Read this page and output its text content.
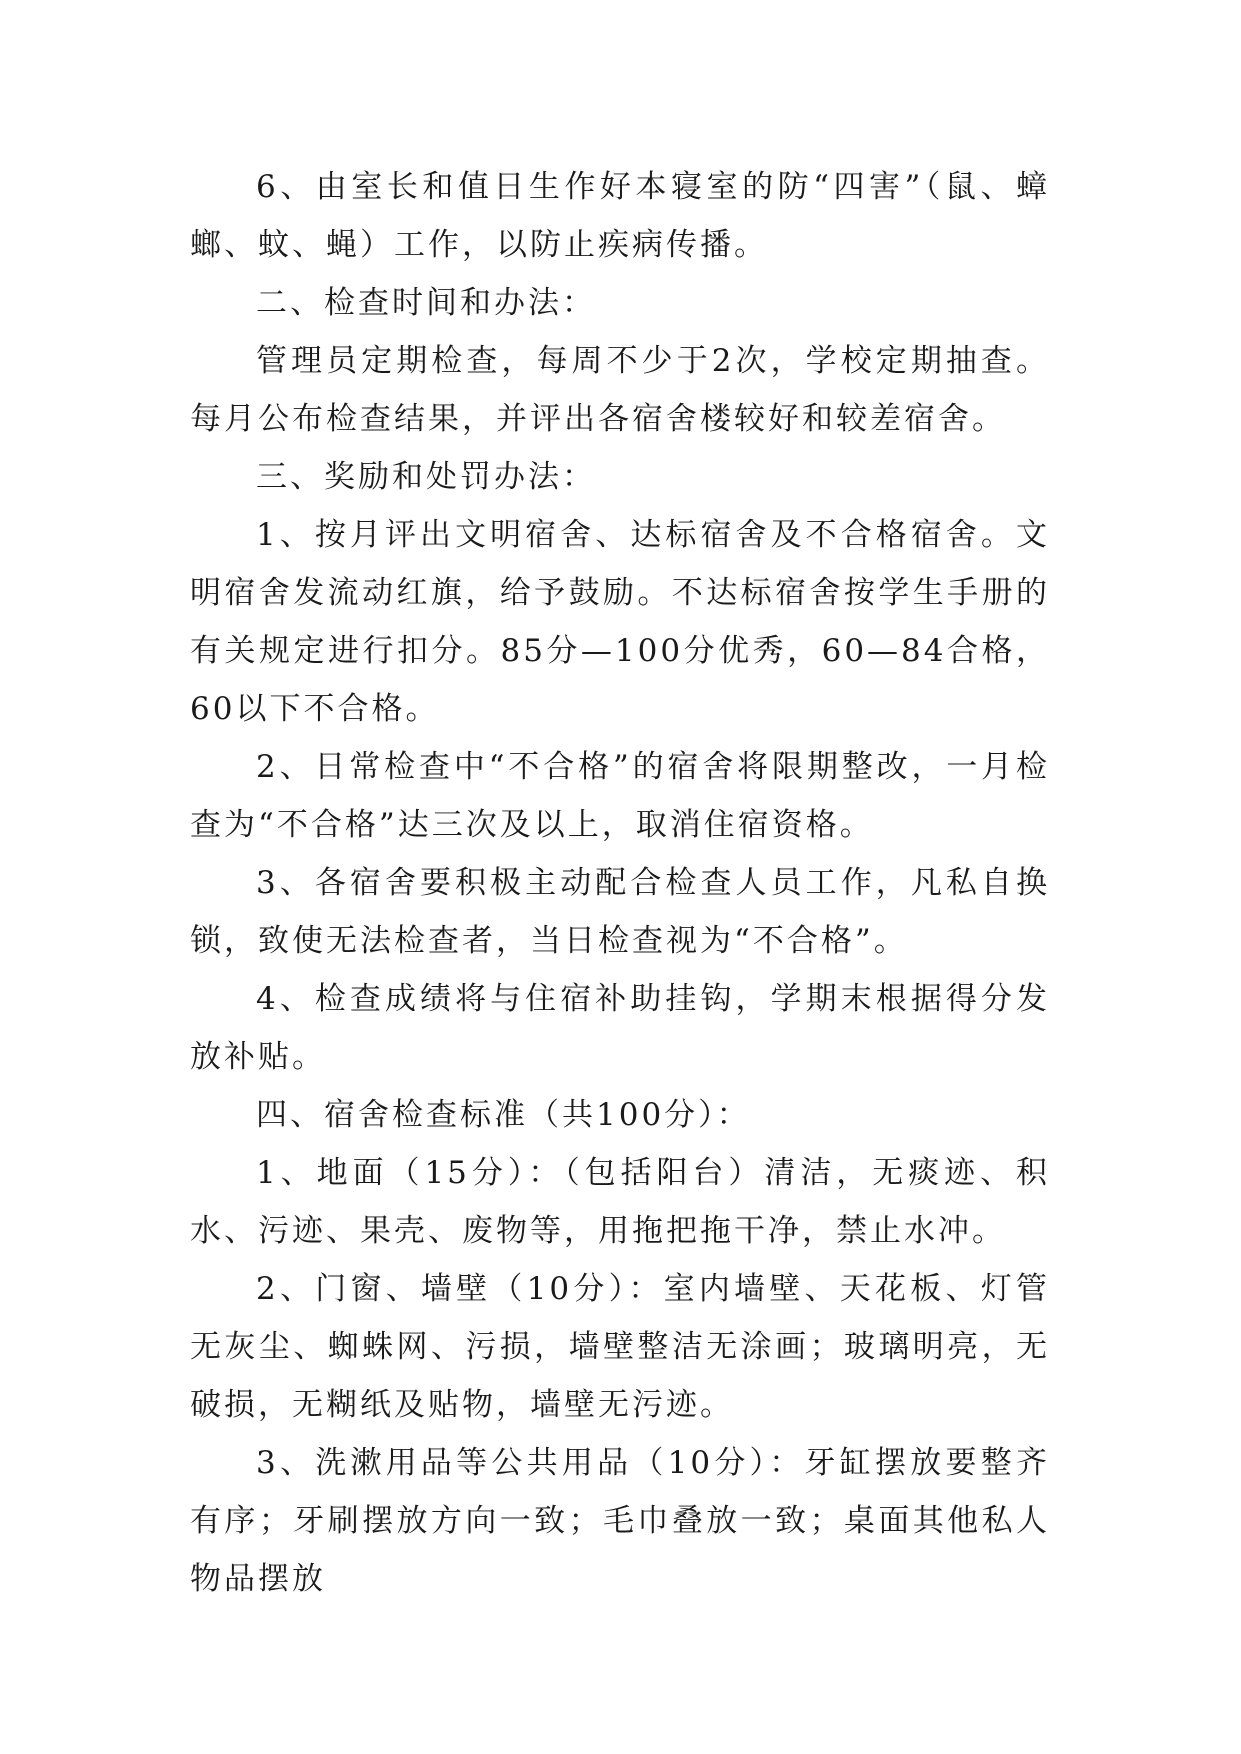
6、由室长和值日生作好本寝室的防“四害”（鼠、蟑螂、蚊、蝇）工作，以防止疾病传播。

二、检查时间和办法：

管理员定期检查，每周不少于2次，学校定期抽查。每月公布检查结果，并评出各宿舍楼较好和较差宿舍。

三、奖励和处罚办法：

1、按月评出文明宿舍、达标宿舍及不合格宿舍。文明宿舍发流动红旗，给予鼓励。不达标宿舍按学生手册的有关规定进行扣分。85分—100分优秀，60—84合格，60以下不合格。

2、日常检查中“不合格”的宿舍将限期整改，一月检查为“不合格”达三次及以上，取消住宿资格。

3、各宿舍要积极主动配合检查人员工作，凡私自换锁，致使无法检查者，当日检查视为“不合格”。

4、检查成绩将与住宿补助挂钩，学期末根据得分发放补贴。

四、宿舍检查标准（共100分）：

1、地面（15分）：（包括阳台）清洁，无痰迹、积水、污迹、果壳、废物等，用拖把拖干净，禁止水冲。

2、门窗、墙壁（10分）：室内墙壁、天花板、灯管无灰尘、蜘蛛网、污损，墙壁整洁无涂画；玻璃明亮，无破损，无糊纸及贴物，墙壁无污迹。

3、洗漱用品等公共用品（10分）：牙缸摆放要整齐有序；牙刷摆放方向一致；毛巾叠放一致；桌面其他私人物品摆放
